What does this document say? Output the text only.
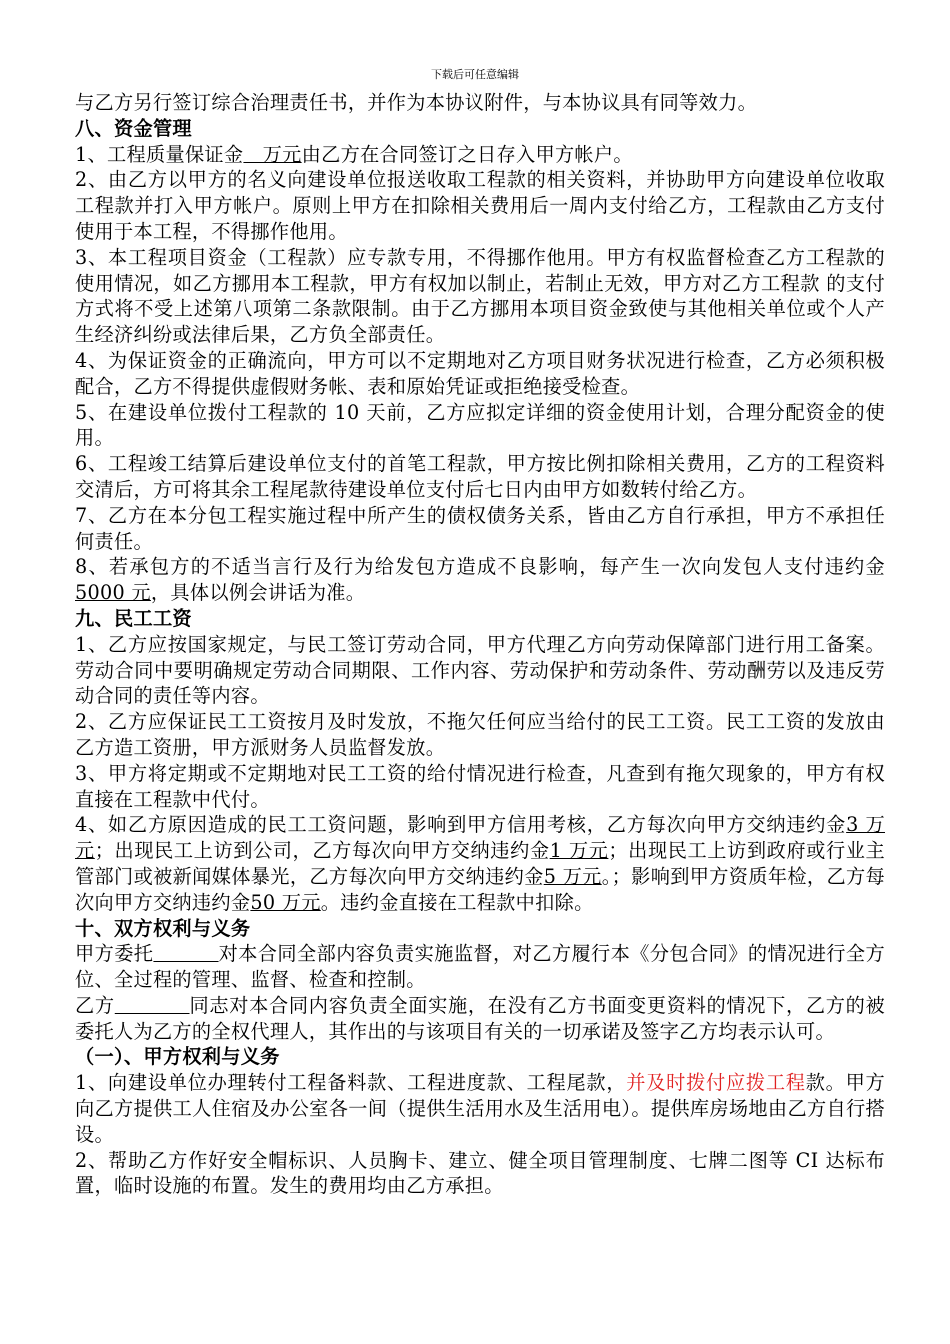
下载后可任意编辑

与乙方另行签订综合治理责任书，并作为本协议附件，与本协议具有同等效力。

八、资金管理

1、工程质量保证金   万元由乙方在合同签订之日存入甲方帐户。

2、由乙方以甲方的名义向建设单位报送收取工程款的相关资料，并协助甲方向建设单位收取工程款并打入甲方帐户。原则上甲方在扣除相关费用后一周内支付给乙方，工程款由乙方支付使用于本工程，不得挪作他用。

3、本工程项目资金（工程款）应专款专用，不得挪作他用。甲方有权监督检查乙方工程款的使用情况，如乙方挪用本工程款，甲方有权加以制止，若制止无效，甲方对乙方工程款 的支付方式将不受上述第八项第二条款限制。由于乙方挪用本项目资金致使与其他相关单位或个人产生经济纠纷或法律后果，乙方负全部责任。

4、为保证资金的正确流向，甲方可以不定期地对乙方项目财务状况进行检查，乙方必须积极配合，乙方不得提供虚假财务帐、表和原始凭证或拒绝接受检查。

5、在建设单位拨付工程款的 10 天前，乙方应拟定详细的资金使用计划，合理分配资金的使用。

6、工程竣工结算后建设单位支付的首笔工程款，甲方按比例扣除相关费用，乙方的工程资料交清后，方可将其余工程尾款待建设单位支付后七日内由甲方如数转付给乙方。

7、乙方在本分包工程实施过程中所产生的债权债务关系，皆由乙方自行承担，甲方不承担任何责任。

8、若承包方的不适当言行及行为给发包方造成不良影响，每产生一次向发包人支付违约金5000 元，具体以例会讲话为准。

九、民工工资

1、乙方应按国家规定，与民工签订劳动合同，甲方代理乙方向劳动保障部门进行用工备案。劳动合同中要明确规定劳动合同期限、工作内容、劳动保护和劳动条件、劳动酬劳以及违反劳动合同的责任等内容。

2、乙方应保证民工工资按月及时发放，不拖欠任何应当给付的民工工资。民工工资的发放由乙方造工资册，甲方派财务人员监督发放。

3、甲方将定期或不定期地对民工工资的给付情况进行检查，凡查到有拖欠现象的，甲方有权直接在工程款中代付。

4、如乙方原因造成的民工工资问题，影响到甲方信用考核，乙方每次向甲方交纳违约金3 万元；出现民工上访到公司，乙方每次向甲方交纳违约金1 万元；出现民工上访到政府或行业主管部门或被新闻媒体暴光，乙方每次向甲方交纳违约金5 万元。；影响到甲方资质年检，乙方每次向甲方交纳违约金50 万元。违约金直接在工程款中扣除。

十、双方权利与义务

甲方委托	对本合同全部内容负责实施监督，对乙方履行本《分包合同》的情况进行全方位、全过程的管理、监督、检查和控制。

乙方	同志对本合同内容负责全面实施，在没有乙方书面变更资料的情况下，乙方的被委托人为乙方的全权代理人，其作出的与该项目有关的一切承诺及签字乙方均表示认可。

（一）、甲方权利与义务

1、向建设单位办理转付工程备料款、工程进度款、工程尾款，并及时拨付应拨工程款。甲方向乙方提供工人住宿及办公室各一间（提供生活用水及生活用电）。提供库房场地由乙方自行搭设。

2、帮助乙方作好安全帽标识、人员胸卡、建立、健全项目管理制度、七牌二图等 CI 达标布置，临时设施的布置。发生的费用均由乙方承担。
